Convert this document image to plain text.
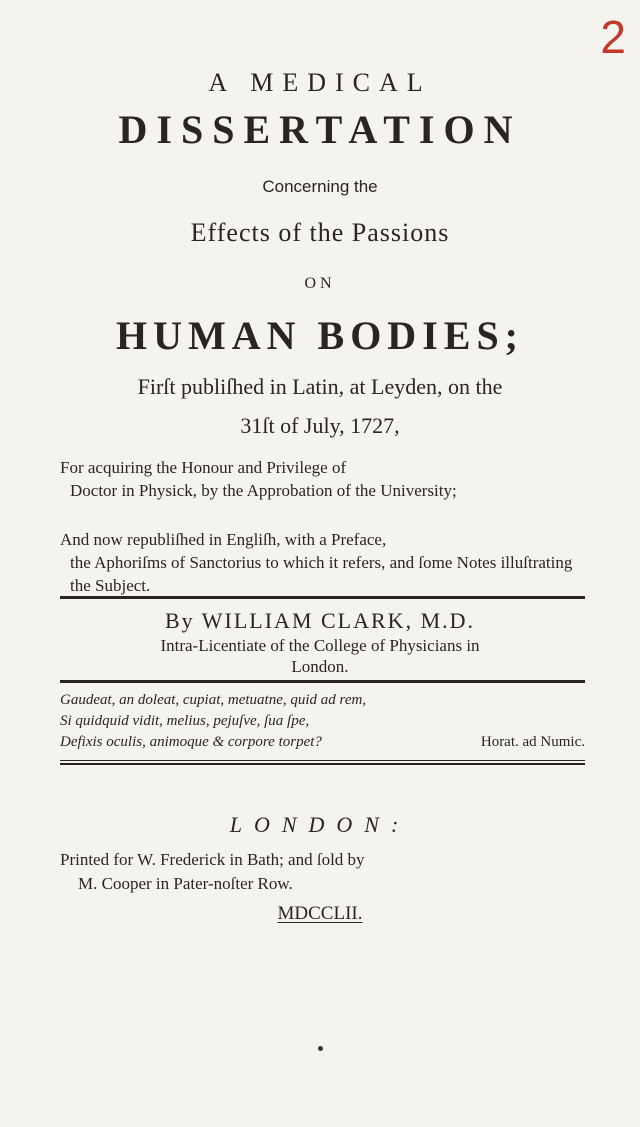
2
A MEDICAL
DISSERTATION
Concerning the
Effects of the Passions
ON
HUMAN BODIES;
Firſt publiſhed in Latin, at Leyden, on the
31ſt of July, 1727,
For acquiring the Honour and Privilege of
Doctor in Physick, by the Approbation of the University;
And now republiſhed in Engliſh, with a Preface,
the Aphoriſms of Sanctorius to which it refers, and ſome Notes illuſtrating the Subject.
By WILLIAM CLARK, M.D.
Intra-Licentiate of the College of Physicians in
London.
Gaudeat, an doleat, cupiat, metuatne, quid ad rem,
Si quidquid vidit, melius, pejuſve, ſua ſpe,
Defixis oculis, animoque & corpore torpet?	Horat. ad Numic.
LONDON:
Printed for W. Frederick in Bath; and ſold by
M. Cooper in Pater-noſter Row.
MDCCLII.
